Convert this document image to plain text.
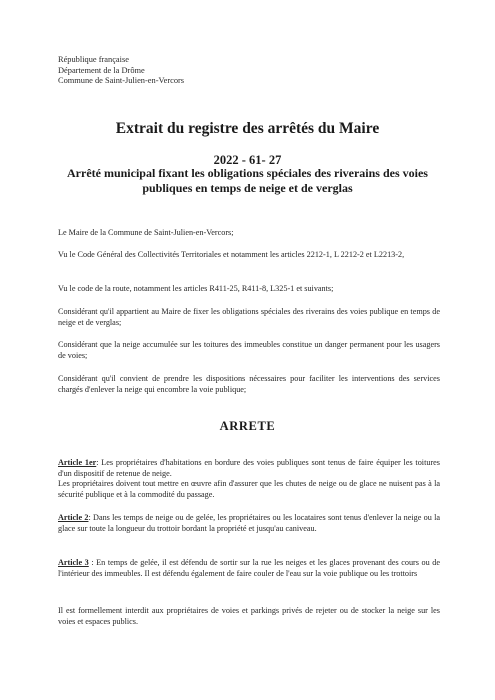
République française
Département de la Drôme
Commune de Saint-Julien-en-Vercors
Extrait du registre des arrêtés du Maire
2022 - 61- 27
Arrêté municipal fixant les obligations spéciales des riverains des voies publiques en temps de neige et de verglas

Le Maire de la Commune de Saint-Julien-en-Vercors;

Vu le Code Général des Collectivités Territoriales et notamment les articles 2212-1, L 2212-2 et L2213-2,

Vu le code de la route, notamment les articles R411-25, R411-8, L325-1 et suivants;

Considérant qu'il appartient au Maire de fixer les obligations spéciales des riverains des voies publique en temps de neige et de verglas;

Considérant que la neige accumulée sur les toitures des immeubles constitue un danger permanent pour les usagers de voies;

Considérant qu'il convient de prendre les dispositions nécessaires pour faciliter les interventions des services chargés d'enlever la neige qui encombre la voie publique;

ARRETE

Article 1er: Les propriétaires d'habitations en bordure des voies publiques sont tenus de faire équiper les toitures d'un dispositif de retenue de neige.

Les propriétaires doivent tout mettre en œuvre afin d'assurer que les chutes de neige ou de glace ne nuisent pas à la sécurité publique et à la commodité du passage.

Article 2: Dans les temps de neige ou de gelée, les propriétaires ou les locataires sont tenus d'enlever la neige ou la glace sur toute la longueur du trottoir bordant la propriété et jusqu'au caniveau.

Article 3 : En temps de gelée, il est défendu de sortir sur la rue les neiges et les glaces provenant des cours ou de l'intérieur des immeubles. Il est défendu également de faire couler de l'eau sur la voie publique ou les trottoirs

Il est formellement interdit aux propriétaires de voies et parkings privés de rejeter ou de stocker la neige sur les voies et espaces publics.
